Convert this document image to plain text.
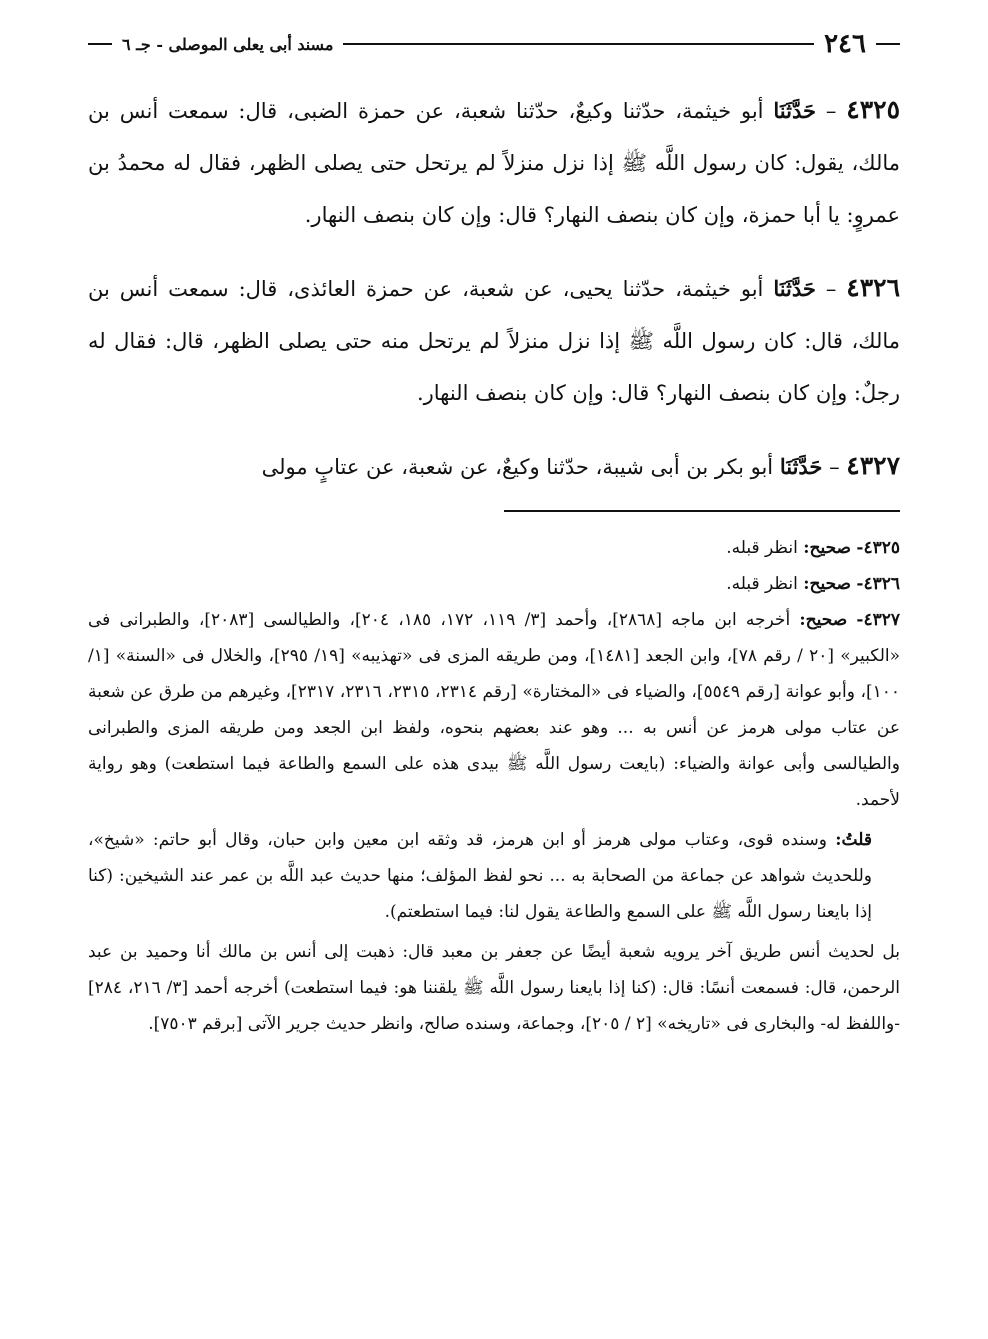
٢٤٦
مسند أبى يعلى الموصلى - جـ ٦

٤٣٢٥ – حَدَّثَنَا أبو خيثمة، حدّثنا وكيعٌ، حدّثنا شعبة، عن حمزة الضبى، قال: سمعت أنس بن مالك، يقول: كان رسول اللَّه ﷺ إذا نزل منزلاً لم يرتحل حتى يصلى الظهر، فقال له محمدُ بن عمروٍ: يا أبا حمزة، وإن كان بنصف النهار؟ قال: وإن كان بنصف النهار.

٤٣٢٦ – حَدَّثَنَا أبو خيثمة، حدّثنا يحيى، عن شعبة، عن حمزة العائذى، قال: سمعت أنس بن مالك، قال: كان رسول اللَّه ﷺ إذا نزل منزلاً لم يرتحل منه حتى يصلى الظهر، قال: فقال له رجلٌ: وإن كان بنصف النهار؟ قال: وإن كان بنصف النهار.

٤٣٢٧ – حَدَّثَنَا أبو بكر بن أبى شيبة، حدّثنا وكيعٌ، عن شعبة، عن عتابٍ مولى

٤٣٢٥- صحيح: انظر قبله.

٤٣٢٦- صحيح: انظر قبله.

٤٣٢٧- صحيح: أخرجه ابن ماجه [٢٨٦٨]، وأحمد [٣/ ١١٩، ١٧٢، ١٨٥، ٢٠٤]، والطيالسى [٢٠٨٣]، والطبرانى فى «الكبير» [٢٠ / رقم ٧٨]، وابن الجعد [١٤٨١]، ومن طريقه المزى فى «تهذيبه» [١٩/ ٢٩٥]، والخلال فى «السنة» [١/ ١٠٠]، وأبو عوانة [رقم ٥٥٤٩]، والضياء فى «المختارة» [رقم ٢٣١٤، ٢٣١٥، ٢٣١٦، ٢٣١٧]، وغيرهم من طرق عن شعبة عن عتاب مولى هرمز عن أنس به ... وهو عند بعضهم بنحوه، ولفظ ابن الجعد ومن طريقه المزى والطبرانى والطيالسى وأبى عوانة والضياء: (بايعت رسول اللَّه ﷺ بيدى هذه على السمع والطاعة فيما استطعت) وهو رواية لأحمد.

قلتُ: وسنده قوى، وعتاب مولى هرمز أو ابن هرمز، قد وثقه ابن معين وابن حبان، وقال أبو حاتم: «شيخ»، وللحديث شواهد عن جماعة من الصحابة به ... نحو لفظ المؤلف؛ منها حديث عبد اللَّه بن عمر عند الشيخين: (كنا إذا بايعنا رسول اللَّه ﷺ على السمع والطاعة يقول لنا: فيما استطعتم).

بل لحديث أنس طريق آخر يرويه شعبة أيضًا عن جعفر بن معبد قال: ذهبت إلى أنس بن مالك أنا وحميد بن عبد الرحمن، قال: فسمعت أنسًا: قال: (كنا إذا بايعنا رسول اللَّه ﷺ يلقننا هو: فيما استطعت) أخرجه أحمد [٣/ ٢١٦، ٢٨٤] -واللفظ له- والبخارى فى «تاريخه» [٢ / ٢٠٥]، وجماعة، وسنده صالح، وانظر حديث جرير الآتى [برقم ٧٥٠٣].
